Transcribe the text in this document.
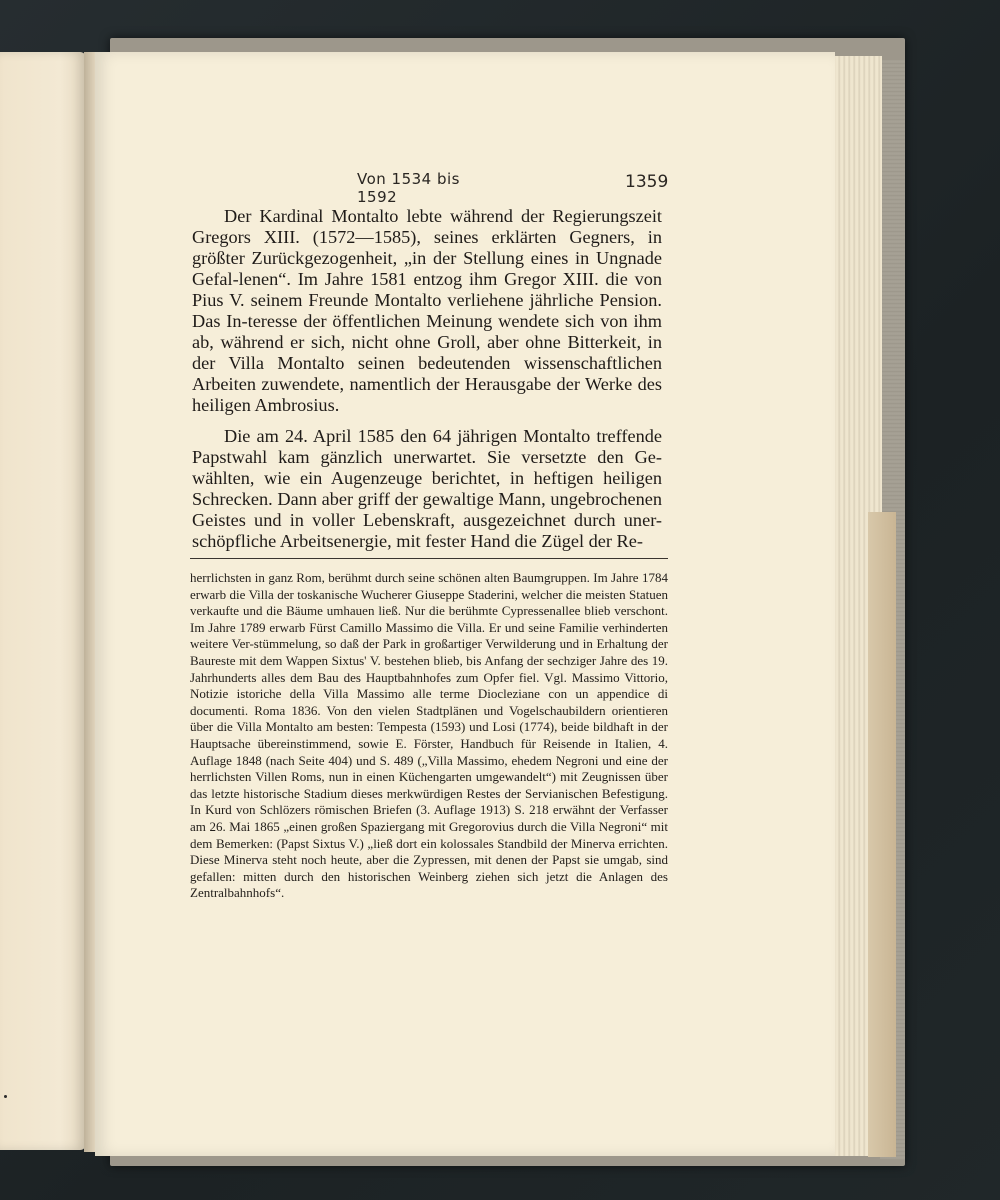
Von 1534 bis 1592
1359

Der Kardinal Montalto lebte während der Regierungszeit Gregors XIII. (1572—1585), seines erklärten Gegners, in größter Zurückgezogenheit, „in der Stellung eines in Ungnade Gefal-lenen“. Im Jahre 1581 entzog ihm Gregor XIII. die von Pius V. seinem Freunde Montalto verliehene jährliche Pension. Das In-teresse der öffentlichen Meinung wendete sich von ihm ab, während er sich, nicht ohne Groll, aber ohne Bitterkeit, in der Villa Montalto seinen bedeutenden wissenschaftlichen Arbeiten zuwendete, namentlich der Herausgabe der Werke des heiligen Ambrosius.

Die am 24. April 1585 den 64 jährigen Montalto treffende Papstwahl kam gänzlich unerwartet. Sie versetzte den Ge-wählten, wie ein Augenzeuge berichtet, in heftigen heiligen Schrecken. Dann aber griff der gewaltige Mann, ungebrochenen Geistes und in voller Lebenskraft, ausgezeichnet durch uner-schöpfliche Arbeitsenergie, mit fester Hand die Zügel der Re-

herrlichsten in ganz Rom, berühmt durch seine schönen alten Baumgruppen. Im Jahre 1784 erwarb die Villa der toskanische Wucherer Giuseppe Staderini, welcher die meisten Statuen verkaufte und die Bäume umhauen ließ. Nur die berühmte Cypressenallee blieb verschont. Im Jahre 1789 erwarb Fürst Camillo Massimo die Villa. Er und seine Familie verhinderten weitere Ver-stümmelung, so daß der Park in großartiger Verwilderung und in Erhaltung der Baureste mit dem Wappen Sixtus' V. bestehen blieb, bis Anfang der sechziger Jahre des 19. Jahrhunderts alles dem Bau des Hauptbahnhofes zum Opfer fiel. Vgl. Massimo Vittorio, Notizie istoriche della Villa Massimo alle terme Diocleziane con un appendice di documenti. Roma 1836. Von den vielen Stadtplänen und Vogelschaubildern orientieren über die Villa Montalto am besten: Tempesta (1593) und Losi (1774), beide bildhaft in der Hauptsache übereinstimmend, sowie E. Förster, Handbuch für Reisende in Italien, 4. Auflage 1848 (nach Seite 404) und S. 489 („Villa Massimo, ehedem Negroni und eine der herrlichsten Villen Roms, nun in einen Küchengarten umgewandelt“) mit Zeugnissen über das letzte historische Stadium dieses merkwürdigen Restes der Servianischen Befestigung. In Kurd von Schlözers römischen Briefen (3. Auflage 1913) S. 218 erwähnt der Verfasser am 26. Mai 1865 „einen großen Spaziergang mit Gregorovius durch die Villa Negroni“ mit dem Bemerken: (Papst Sixtus V.) „ließ dort ein kolossales Standbild der Minerva errichten. Diese Minerva steht noch heute, aber die Zypressen, mit denen der Papst sie umgab, sind gefallen: mitten durch den historischen Weinberg ziehen sich jetzt die Anlagen des Zentralbahnhofs“.
